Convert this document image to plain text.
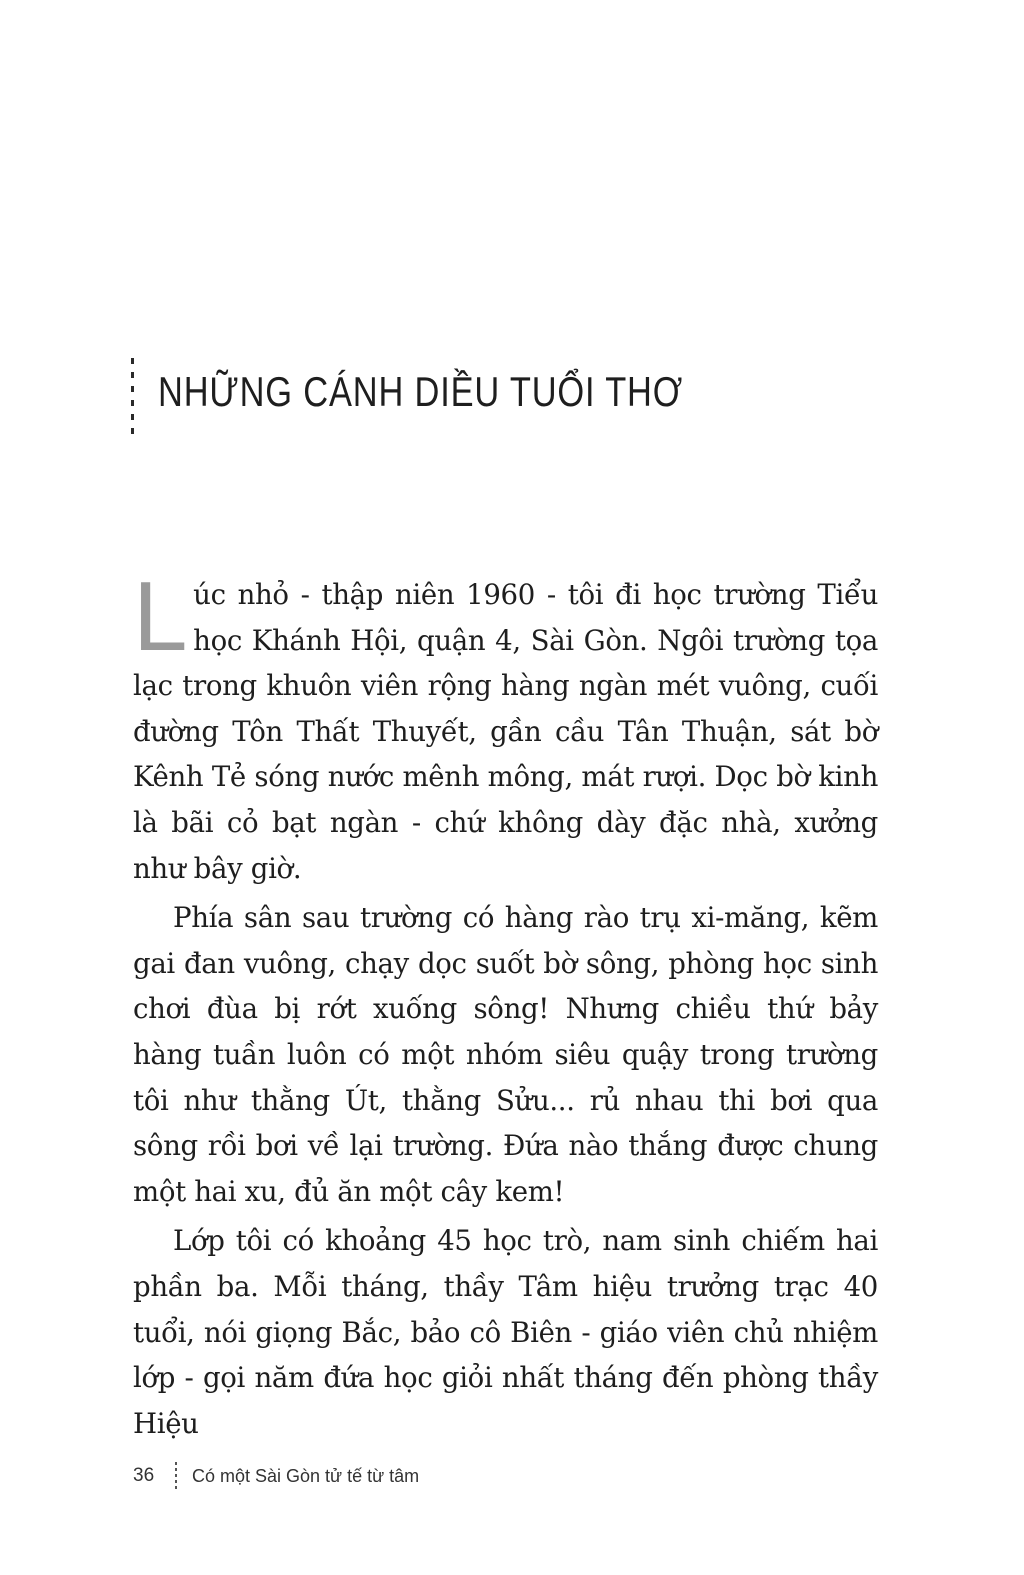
NHỮNG CÁNH DIỀU TUỔI THƠ

Lúc nhỏ - thập niên 1960 - tôi đi học trường Tiểu học Khánh Hội, quận 4, Sài Gòn. Ngôi trường tọa lạc trong khuôn viên rộng hàng ngàn mét vuông, cuối đường Tôn Thất Thuyết, gần cầu Tân Thuận, sát bờ Kênh Tẻ sóng nước mênh mông, mát rượi. Dọc bờ kinh là bãi cỏ bạt ngàn - chứ không dày đặc nhà, xưởng như bây giờ.

Phía sân sau trường có hàng rào trụ xi-măng, kẽm gai đan vuông, chạy dọc suốt bờ sông, phòng học sinh chơi đùa bị rớt xuống sông! Nhưng chiều thứ bảy hàng tuần luôn có một nhóm siêu quậy trong trường tôi như thằng Út, thằng Sửu... rủ nhau thi bơi qua sông rồi bơi về lại trường. Đứa nào thắng được chung một hai xu, đủ ăn một cây kem!

Lớp tôi có khoảng 45 học trò, nam sinh chiếm hai phần ba. Mỗi tháng, thầy Tâm hiệu trưởng trạc 40 tuổi, nói giọng Bắc, bảo cô Biên - giáo viên chủ nhiệm lớp - gọi năm đứa học giỏi nhất tháng đến phòng thầy Hiệu

36 Có một Sài Gòn tử tế từ tâm
